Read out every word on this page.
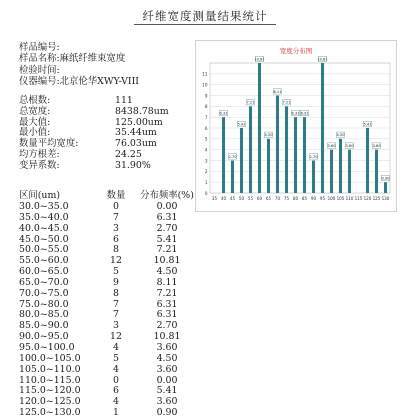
纤维宽度测量结果统计
样品编号:
样品名称:麻纸纤维束宽度
检验时间:
仪器编号:北京伦华XWY-VIII
总根数:	111
总宽度:	8438.78um
最大值:	125.00um
最小值:	35.44um
数量平均宽度:	76.03um
均方根差:	24.25
变异系数:	31.90%
区间(um)	数量 分布频率(%)
30.0~35.0	0	0.00
35.0~40.0	7	6.31
40.0~45.0	3	2.70
45.0~50.0	6	5.41
50.0~55.0	8	7.21
55.0~60.0	12	10.81
60.0~65.0	5	4.50
65.0~70.0	9	8.11
70.0~75.0	8	7.21
75.0~80.0	7	6.31
80.0~85.0	7	6.31
85.0~90.0	3	2.70
90.0~95.0	12	10.81
95.0~100.0	4	3.60
100.0~105.0	5	4.50
105.0~110.0	4	3.60
110.0~115.0	0	0.00
115.0~120.0	6	5.41
120.0~125.0	4	3.60
125.0~130.0	1	0.90
宽度分布图
0
1
2
3
4
5
6
7
8
9
10
11
35 40
6.31
45
2.70
50
5.41
55
7.21
60
10.81
65
4.50
70
8.11
75
7.21
80
6.31
85
6.31
90
2.70
95
10.81
100
3.60
105
4.50
110
3.60
115 120
5.41
125
3.60
130
0.90
